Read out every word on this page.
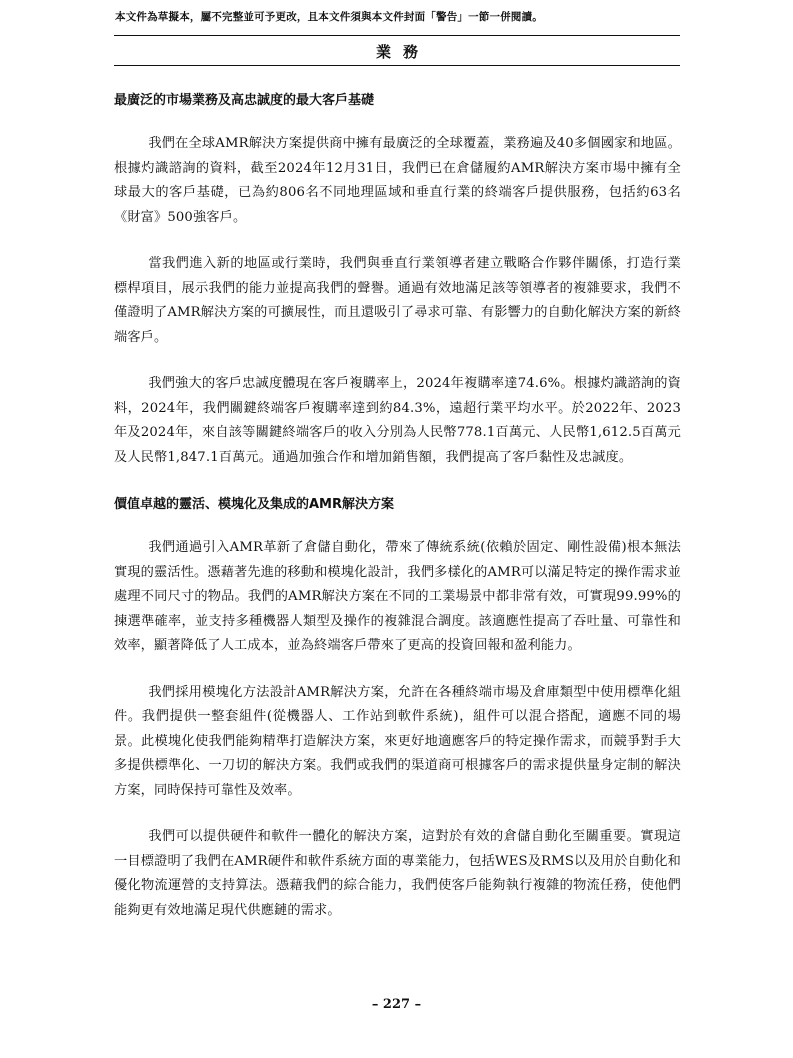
本文件為草擬本，屬不完整並可予更改，且本文件須與本文件封面「警告」一節一併閱讀。
業務
最廣泛的市場業務及高忠誠度的最大客戶基礎

我們在全球AMR解決方案提供商中擁有最廣泛的全球覆蓋，業務遍及40多個國家和地區。根據灼識諮詢的資料，截至2024年12月31日，我們已在倉儲履約AMR解決方案市場中擁有全球最大的客戶基礎，已為約806名不同地理區域和垂直行業的終端客戶提供服務，包括約63名《財富》500強客戶。

當我們進入新的地區或行業時，我們與垂直行業領導者建立戰略合作夥伴關係，打造行業標桿項目，展示我們的能力並提高我們的聲譽。通過有效地滿足該等領導者的複雜要求，我們不僅證明了AMR解決方案的可擴展性，而且還吸引了尋求可靠、有影響力的自動化解決方案的新終端客戶。

我們強大的客戶忠誠度體現在客戶複購率上，2024年複購率達74.6%。根據灼識諮詢的資料，2024年，我們關鍵終端客戶複購率達到約84.3%，遠超行業平均水平。於2022年、2023年及2024年，來自該等關鍵終端客戶的收入分別為人民幣778.1百萬元、人民幣1,612.5百萬元及人民幣1,847.1百萬元。通過加強合作和增加銷售額，我們提高了客戶黏性及忠誠度。

價值卓越的靈活、模塊化及集成的AMR解決方案

我們通過引入AMR革新了倉儲自動化，帶來了傳統系統(依賴於固定、剛性設備)根本無法實現的靈活性。憑藉著先進的移動和模塊化設計，我們多樣化的AMR可以滿足特定的操作需求並處理不同尺寸的物品。我們的AMR解決方案在不同的工業場景中都非常有效，可實現99.99%的揀選準確率，並支持多種機器人類型及操作的複雜混合調度。該適應性提高了吞吐量、可靠性和效率，顯著降低了人工成本，並為終端客戶帶來了更高的投資回報和盈利能力。

我們採用模塊化方法設計AMR解決方案，允許在各種終端市場及倉庫類型中使用標準化組件。我們提供一整套組件(從機器人、工作站到軟件系統)，組件可以混合搭配，適應不同的場景。此模塊化使我們能夠精準打造解決方案，來更好地適應客戶的特定操作需求，而競爭對手大多提供標準化、一刀切的解決方案。我們或我們的渠道商可根據客戶的需求提供量身定制的解決方案，同時保持可靠性及效率。

我們可以提供硬件和軟件一體化的解決方案，這對於有效的倉儲自動化至關重要。實現這一目標證明了我們在AMR硬件和軟件系統方面的專業能力，包括WES及RMS以及用於自動化和優化物流運營的支持算法。憑藉我們的綜合能力，我們使客戶能夠執行複雜的物流任務，使他們能夠更有效地滿足現代供應鏈的需求。

– 227 –
